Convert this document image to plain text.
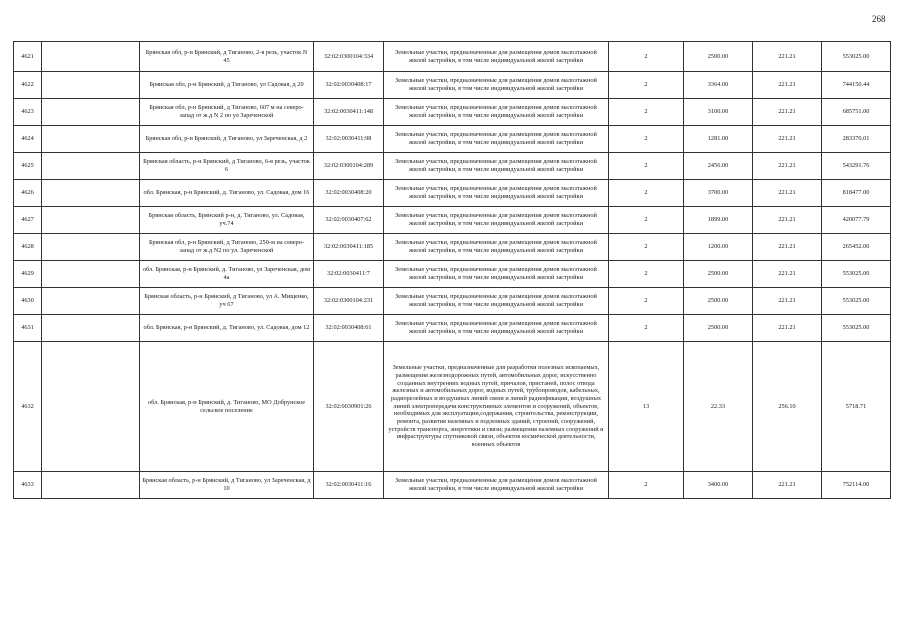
268
4621		Брянская обл, р-н Брянский, д Тиганово, 2-я резь, участок N 45	32:02:0300104:334	Земельные участки, предназначенные для размещения домов малоэтажной жилой застройки, в том числе индивидуальной жилой застройки	2	2500.00	221.21	553025.00
4622		Брянская обл, р-н Брянский, д Тиганово, ул Садовая, д 20	32:02:0030408:17	Земельные участки, предназначенные для размещения домов малоэтажной жилой застройки, в том числе индивидуальной жилой застройки	2	3364.00	221.21	744150.44
4623		Брянская обл, р-н Брянский, д Тиганово, 607 м на северо-запад от ж.д N 2 по ул Зареченской	32:02:0030411:148	Земельные участки, предназначенные для размещения домов малоэтажной жилой застройки, в том числе индивидуальной жилой застройки	2	3100.00	221.21	685751.00
4624		Брянская обл, р-н Брянский, д Тиганово, ул Зареченская, д 2	32:02:0030411:98	Земельные участки, предназначенные для размещения домов малоэтажной жилой застройки, в том числе индивидуальной жилой застройки	2	1281.00	221.21	283370.01
4625		Брянская область, р-н Брянский, д Тиганово, 6-я резь, участок 6	32:02:0300104:289	Земельные участки, предназначенные для размещения домов малоэтажной жилой застройки, в том числе индивидуальной жилой застройки	2	2456.00	221.21	543291.76
4626		обл. Брянская, р-н Брянский, д. Тиганово, ул. Садовая, дом 16	32:02:0030408:20	Земельные участки, предназначенные для размещения домов малоэтажной жилой застройки, в том числе индивидуальной жилой застройки	2	3700.00	221.21	818477.00
4627		Брянская область, Брянский р-н, д. Тиганово, ул. Садовая, уч.74	32:02:0030407:62	Земельные участки, предназначенные для размещения домов малоэтажной жилой застройки, в том числе индивидуальной жилой застройки	2	1899.00	221.21	420077.79
4628		Брянская обл, р-н Брянский, д Тиганово, 250-м на северо-запад от ж.д N2 по ул. Зареченской	32:02:0030411:185	Земельные участки, предназначенные для размещения домов малоэтажной жилой застройки, в том числе индивидуальной жилой застройки	2	1200.00	221.21	265452.00
4629		обл. Брянская, р-н Брянский, д. Тиганово, ул Зареченская, дом 4а	32:02:0030411:7	Земельные участки, предназначенные для размещения домов малоэтажной жилой застройки, в том числе индивидуальной жилой застройки	2	2500.00	221.21	553025.00
4630		Брянская область, р-н Брянский, д Тиганово, ул А. Мищенко, уч 67	32:02:0300104:231	Земельные участки, предназначенные для размещения домов малоэтажной жилой застройки, в том числе индивидуальной жилой застройки	2	2500.00	221.21	553025.00
4631		обл. Брянская, р-н Брянский, д. Тиганово, ул. Садовая, дом 12	32:02:0030408:61	Земельные участки, предназначенные для размещения домов малоэтажной жилой застройки, в том числе индивидуальной жилой застройки	2	2500.00	221.21	553025.00
4632		обл. Брянская, р-н Брянский, д. Тиганово, МО Добрунское сельское поселение	32:02:0030901:26	Земельные участки, предназначенные для разработки полезных ископаемых, размещения железнодорожных путей, автомобильных дорог, искусственно созданных внутренних водных путей, причалов, пристаней, полос отвода железных и автомобильных дорог, водных путей, трубопроводов, кабельных, радиорелейных и воздушных линий связи и линий радиофикации, воздушных линий электропередачи конструктивных элементов и сооружений, объектов, необходимых для эксплуатации,содержания, строительства, реконструкции, ремонта, развития наземных и подземных зданий, строений, сооружений, устройств транспорта, энергетики и связи; размещения наземных сооружений и инфраструктуры спутниковой связи, объектов космической деятельности, военных объектов	13	22.33	256.10	5718.71
4633		Брянская область, р-н Брянский, д Тиганово, ул Зареченская, д 10	32:02:0030411:16	Земельные участки, предназначенные для размещения домов малоэтажной жилой застройки, в том числе индивидуальной жилой застройки	2	3400.00	221.21	752114.00
